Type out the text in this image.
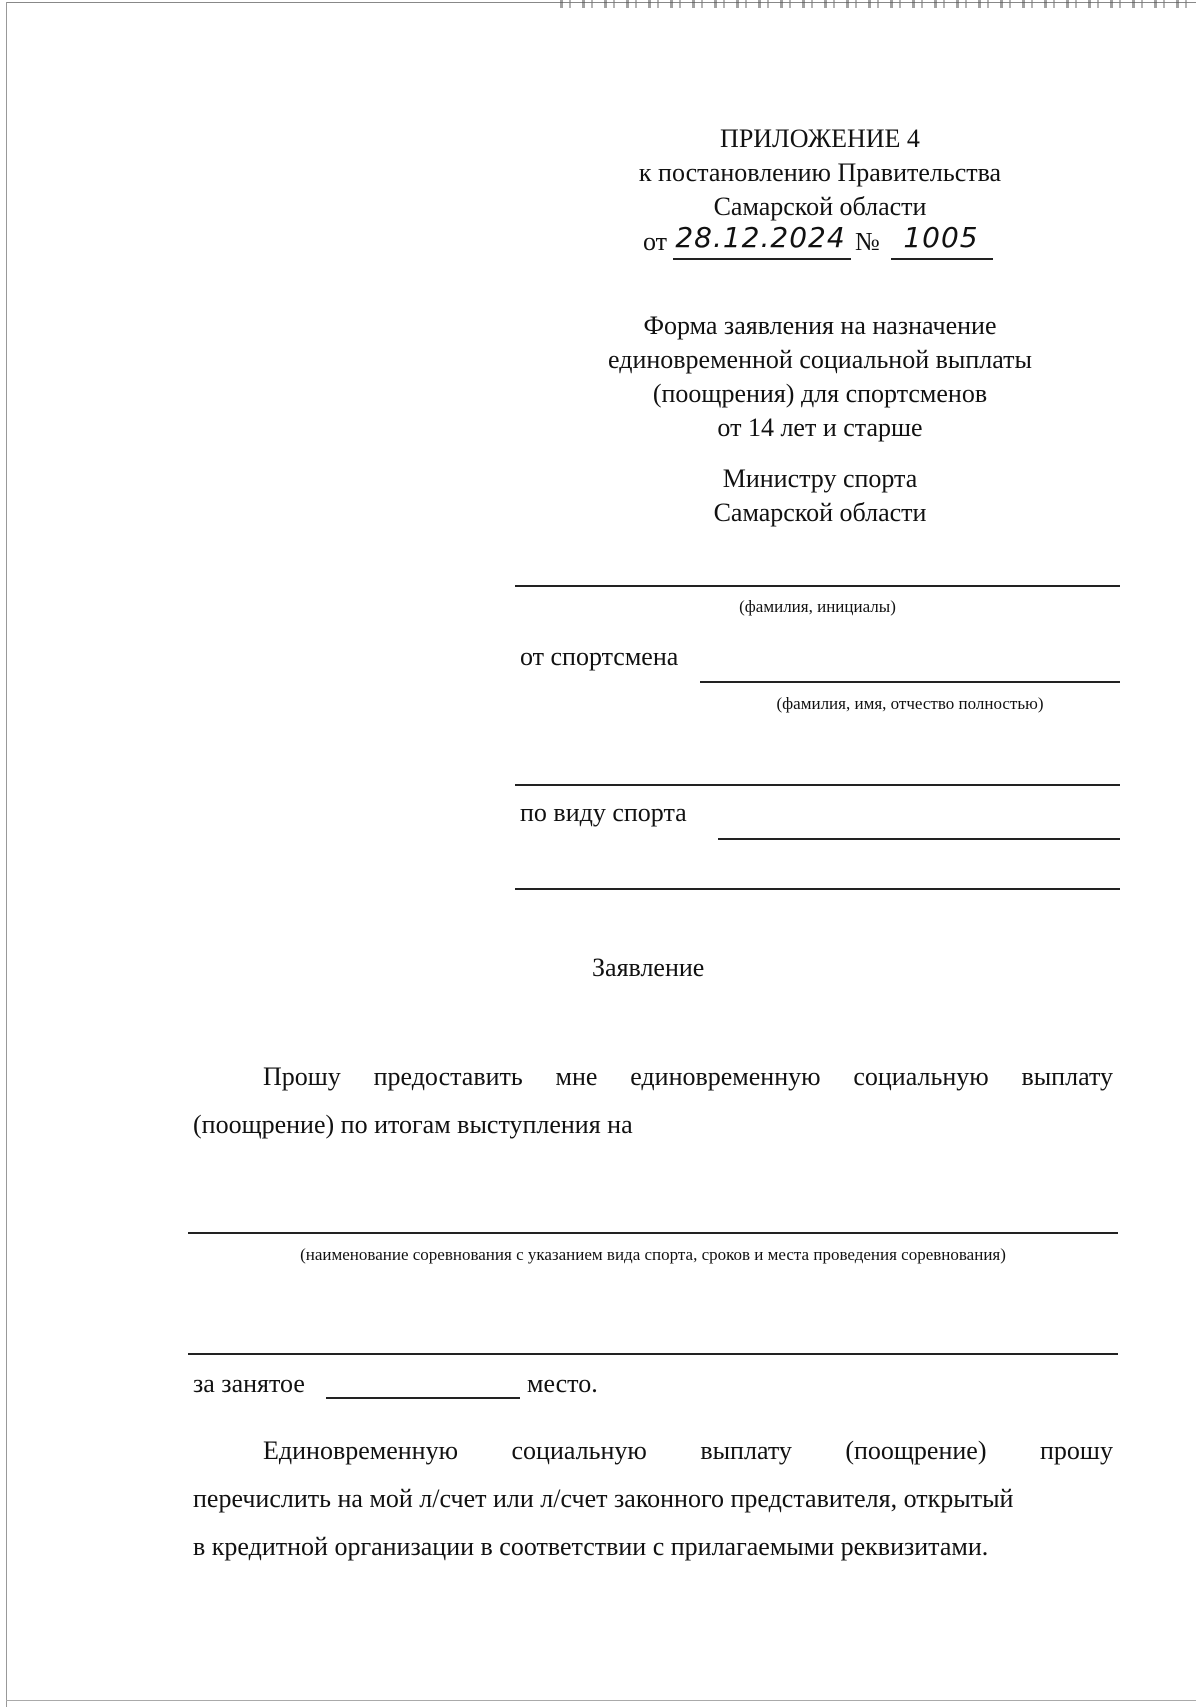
ПРИЛОЖЕНИЕ 4
к постановлению Правительства
Самарской области
от 28.12.2024 № 1005
Форма заявления на назначение
единовременной социальной выплаты
(поощрения) для спортсменов
от 14 лет и старше
Министру спорта
Самарской области
(фамилия, инициалы)
от спортсмена
(фамилия, имя, отчество полностью)
по виду спорта
Заявление
Прошу предоставить мне единовременную социальную выплату
(поощрение) по итогам выступления на
(наименование соревнования с указанием вида спорта, сроков и места проведения соревнования)
за занятое	место.
Единовременную социальную выплату (поощрение) прошу
перечислить на мой л/счет или л/счет законного представителя, открытый
в кредитной организации в соответствии с прилагаемыми реквизитами.
